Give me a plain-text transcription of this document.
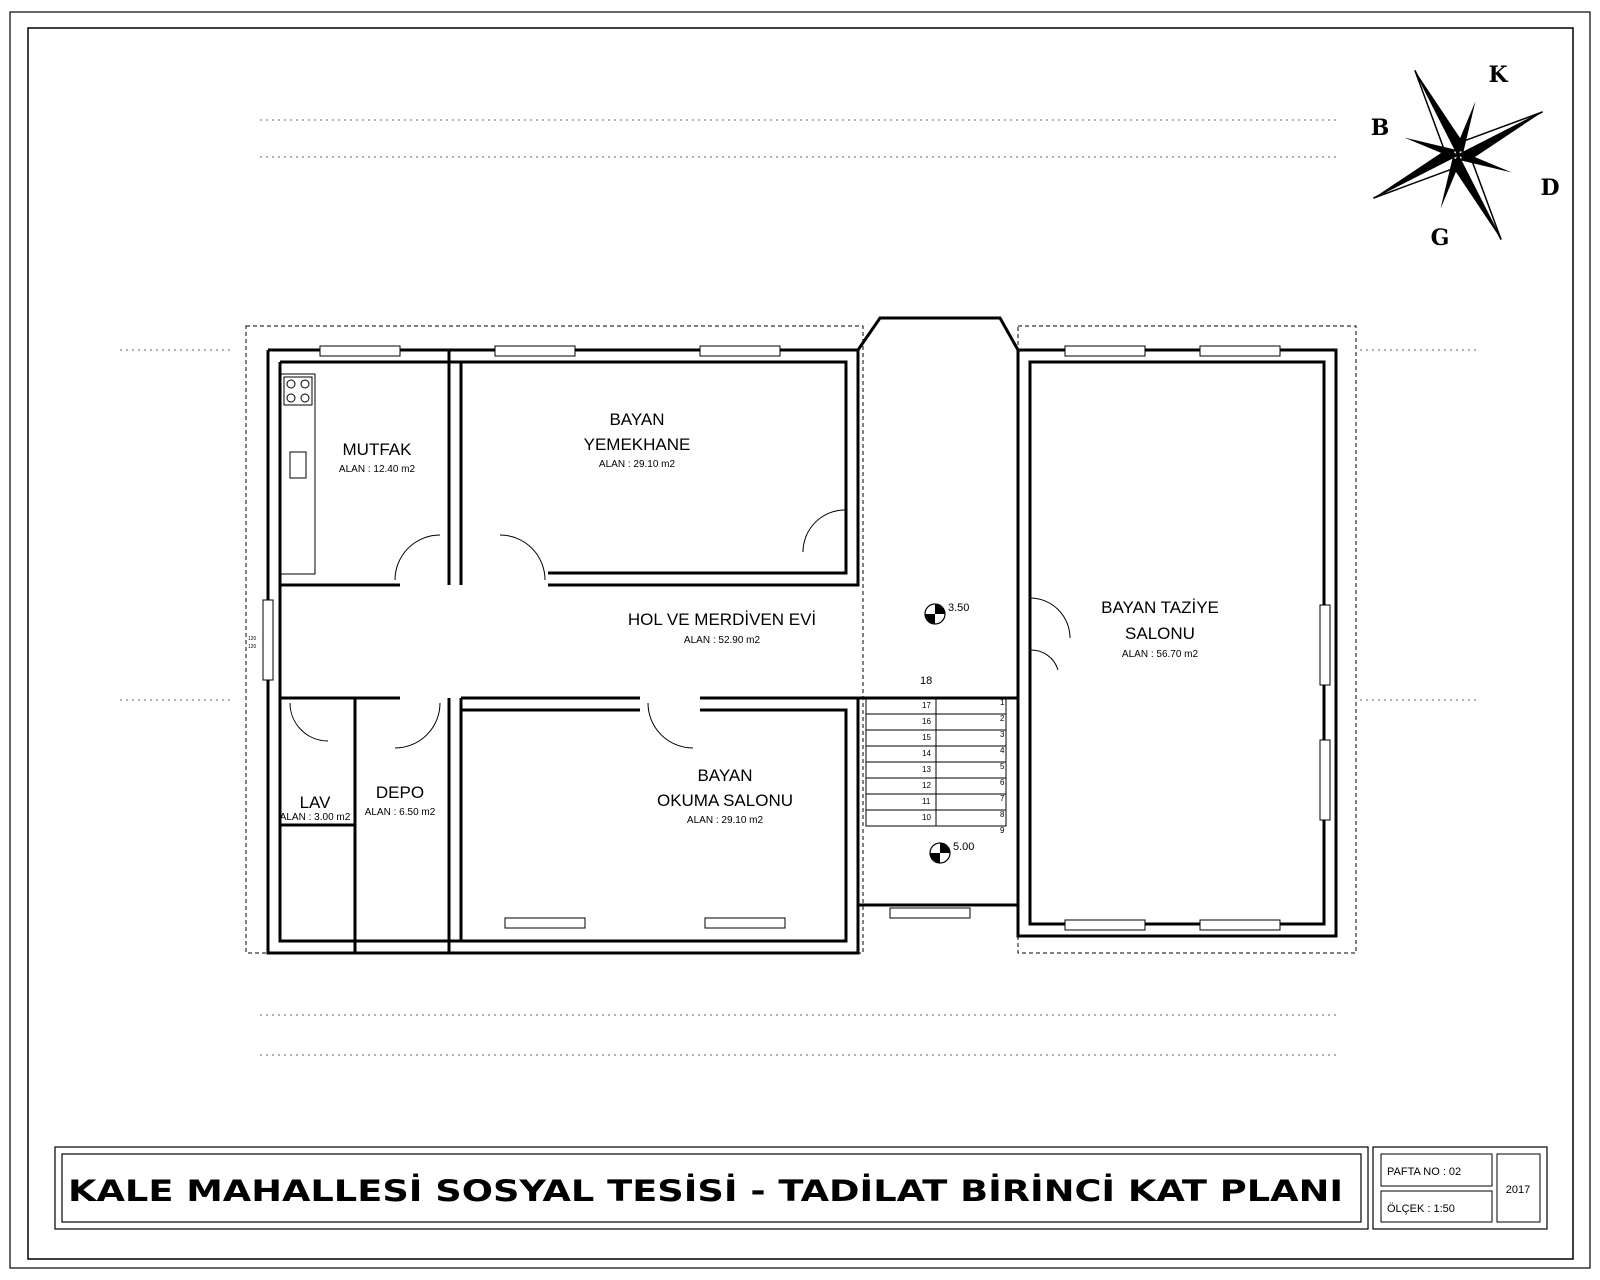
K
B
D
G
18
17
16
15
14
13
12
11
10
1
2
3
4
5
6
7
8
9
3.50
5.00
120
120
MUTFAK
ALAN : 12.40 m2
BAYAN
YEMEKHANE
ALAN : 29.10 m2
HOL VE MERDİVEN EVİ
ALAN : 52.90 m2
BAYAN TAZİYE
SALONU
ALAN : 56.70 m2
BAYAN
OKUMA SALONU
ALAN : 29.10 m2
DEPO
ALAN : 6.50 m2
LAV
ALAN : 3.00 m2
KALE MAHALLESİ SOSYAL TESİSİ - TADİLAT BİRİNCİ KAT PLANI
PAFTA NO : 02
ÖLÇEK : 1:50
2017
